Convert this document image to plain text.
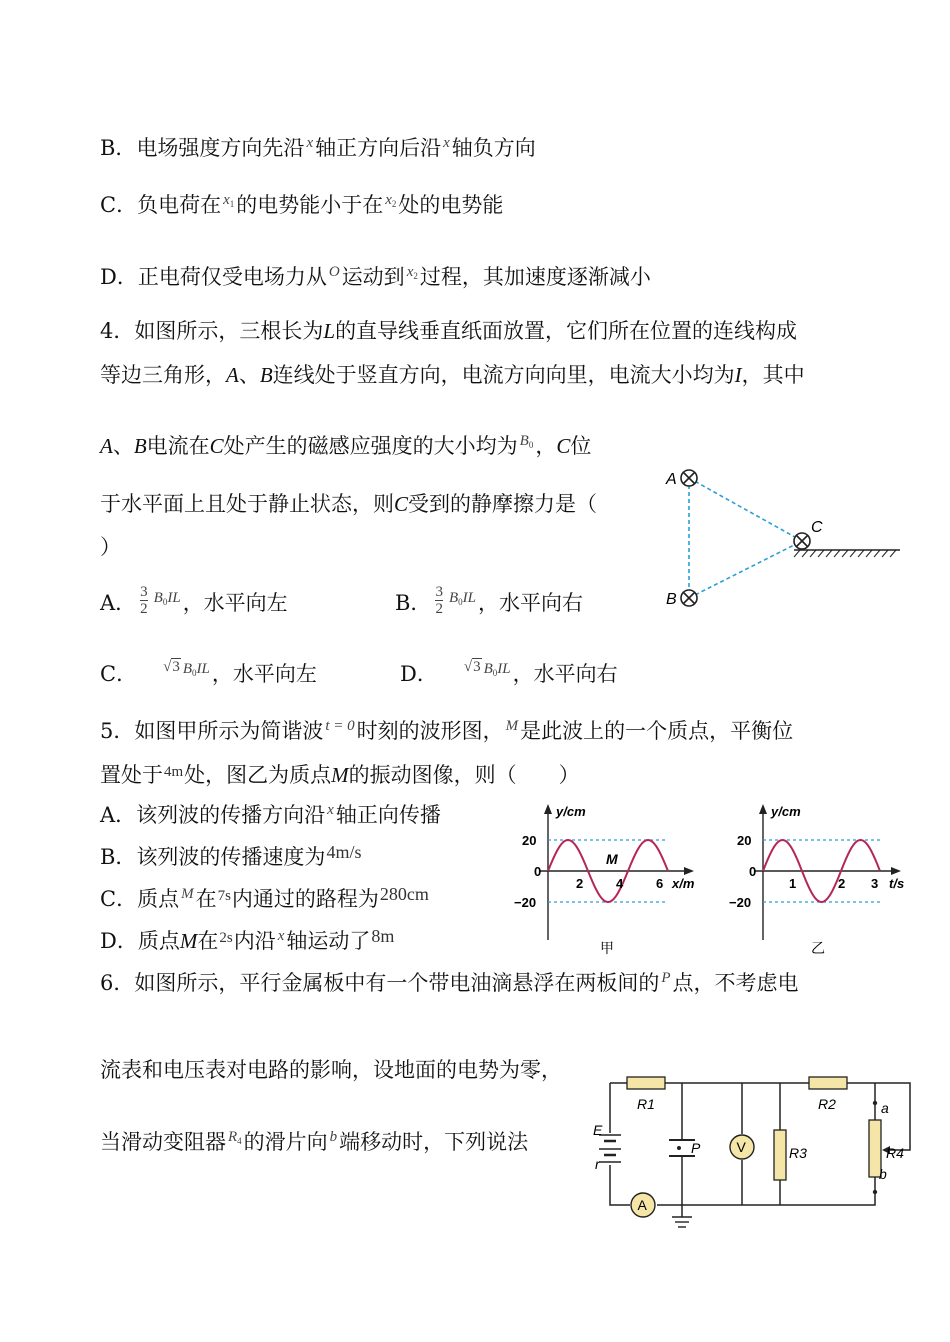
B．电场强度方向先沿 $^x$轴正方向后沿 $^x$轴负方向
C．负电荷在 $^{x_1}$的电势能小于在 $^{x_2}$处的电势能
D．正电荷仅受电场力从 $^O$运动到 $^{x_2}$过程，其加速度逐渐减小
4．如图所示，三根长为L的直导线垂直纸面放置，它们所在位置的连线构成
等边三角形，A、B连线处于竖直方向，电流方向向里，电流大小均为I，其中
A、B电流在C处产生的磁感应强度的大小均为 $^{B_0}$，C位
于水平面上且处于静止状态，则C受到的静摩擦力是（
）
A． $\frac{3}{2} ^{B_0IL}$，水平向左	B． $\frac{3}{2} ^{B_0IL}$，水平向右
C． $^{√3}$ $^{B_0IL}$，水平向左	D． $^{√3}$ $^{B_0IL}$，水平向右
A
B
C
5．如图甲所示为简谐波 $^{t = 0}$时刻的波形图， $^M$是此波上的一个质点，平衡位
置处于$^{4m}$处，图乙为质点M的振动图像，则（　　）
A．该列波的传播方向沿 $^x$轴正向传播
B．该列波的传播速度为4m/s
C．质点 $^M$在$^{7s}$内通过的路程为280cm
D．质点M在$^{2s}$内沿 $^x$轴运动了8m
y/cm
20
0
−20
2	4	6 x/m
M
甲
y/cm
20
0
−20
1	2 3 t/s
乙
6．如图所示，平行金属板中有一个带电油滴悬浮在两板间的 $^P$点，不考虑电
流表和电压表对电路的影响，设地面的电势为零，
当滑动变阻器 $^{R_4}$的滑片向 $^b$端移动时，下列说法	V
A
R1	R2
R3	R4
E
r
P
a
b
